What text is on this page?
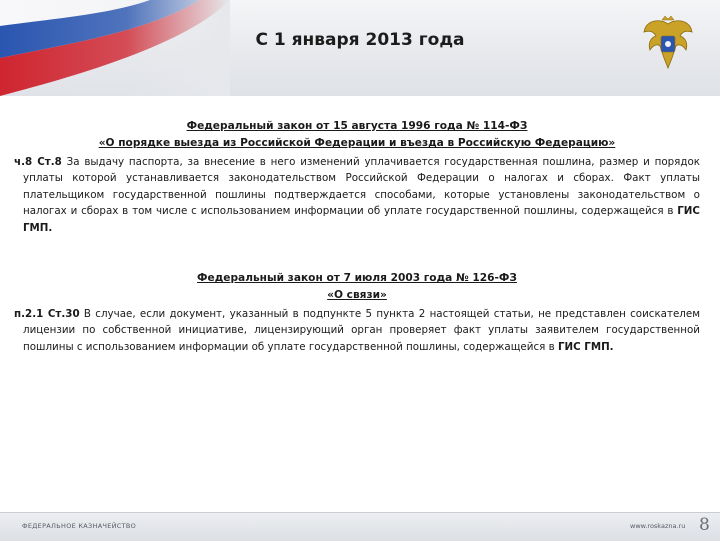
С 1 января 2013 года
Федеральный закон от 15 августа 1996 года № 114-ФЗ
«О порядке выезда из Российской Федерации и въезда в Российскую Федерацию»

ч.8 Ст.8 За выдачу паспорта, за внесение в него изменений уплачивается государственная пошлина, размер и порядок уплаты которой устанавливается законодательством Российской Федерации о налогах и сборах. Факт уплаты плательщиком государственной пошлины подтверждается способами, которые установлены законодательством о налогах и сборах в том числе с использованием информации об уплате государственной пошлины, содержащейся в ГИС ГМП.

Федеральный закон от 7 июля 2003 года № 126-ФЗ
«О связи»

п.2.1 Ст.30 В случае, если документ, указанный в подпункте 5 пункта 2 настоящей статьи, не представлен соискателем лицензии по собственной инициативе, лицензирующий орган проверяет факт уплаты заявителем государственной пошлины с использованием информации об уплате государственной пошлины, содержащейся в ГИС ГМП.

ФЕДЕРАЛЬНОЕ КАЗНАЧЕЙСТВО	www.roskazna.ru 8
